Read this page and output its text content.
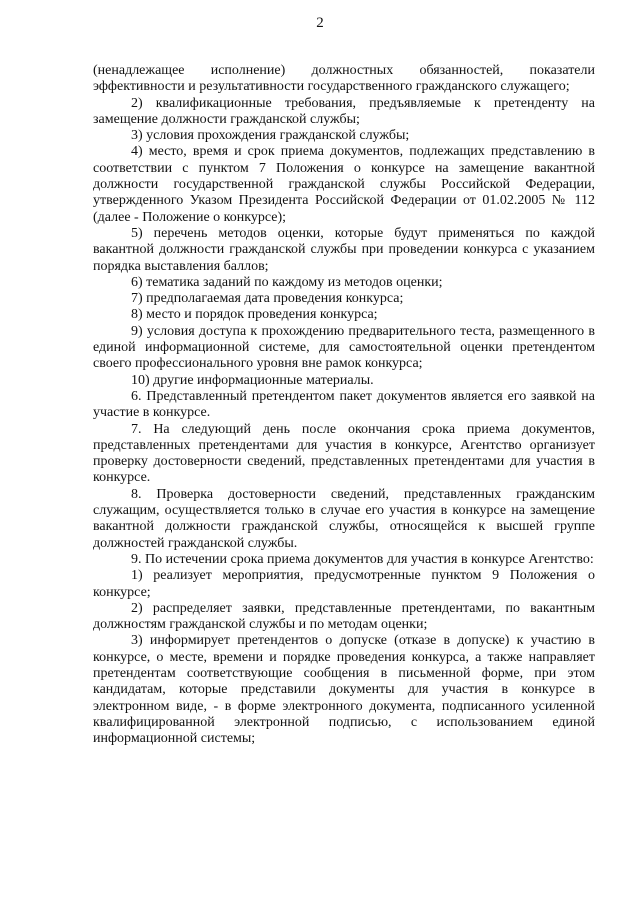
2

(ненадлежащее исполнение) должностных обязанностей, показатели эффективности и результативности государственного гражданского служащего;

2) квалификационные требования, предъявляемые к претенденту на замещение должности гражданской службы;

3) условия прохождения гражданской службы;

4) место, время и срок приема документов, подлежащих представлению в соответствии с пунктом 7 Положения о конкурсе на замещение вакантной должности государственной гражданской службы Российской Федерации, утвержденного Указом Президента Российской Федерации от 01.02.2005 № 112 (далее - Положение о конкурсе);

5) перечень методов оценки, которые будут применяться по каждой вакантной должности гражданской службы при проведении конкурса с указанием порядка выставления баллов;

6) тематика заданий по каждому из методов оценки;

7) предполагаемая дата проведения конкурса;

8) место и порядок проведения конкурса;

9) условия доступа к прохождению предварительного теста, размещенного в единой информационной системе, для самостоятельной оценки претендентом своего профессионального уровня вне рамок конкурса;

10) другие информационные материалы.

6. Представленный претендентом пакет документов является его заявкой на участие в конкурсе.

7. На следующий день после окончания срока приема документов, представленных претендентами для участия в конкурсе, Агентство организует проверку достоверности сведений, представленных претендентами для участия в конкурсе.

8. Проверка достоверности сведений, представленных гражданским служащим, осуществляется только в случае его участия в конкурсе на замещение вакантной должности гражданской службы, относящейся к высшей группе должностей гражданской службы.

9. По истечении срока приема документов для участия в конкурсе Агентство:

1) реализует мероприятия, предусмотренные пунктом 9 Положения о конкурсе;

2) распределяет заявки, представленные претендентами, по вакантным должностям гражданской службы и по методам оценки;

3) информирует претендентов о допуске (отказе в допуске) к участию в конкурсе, о месте, времени и порядке проведения конкурса, а также направляет претендентам соответствующие сообщения в письменной форме, при этом кандидатам, которые представили документы для участия в конкурсе в электронном виде, - в форме электронного документа, подписанного усиленной квалифицированной электронной подписью, с использованием единой информационной системы;
